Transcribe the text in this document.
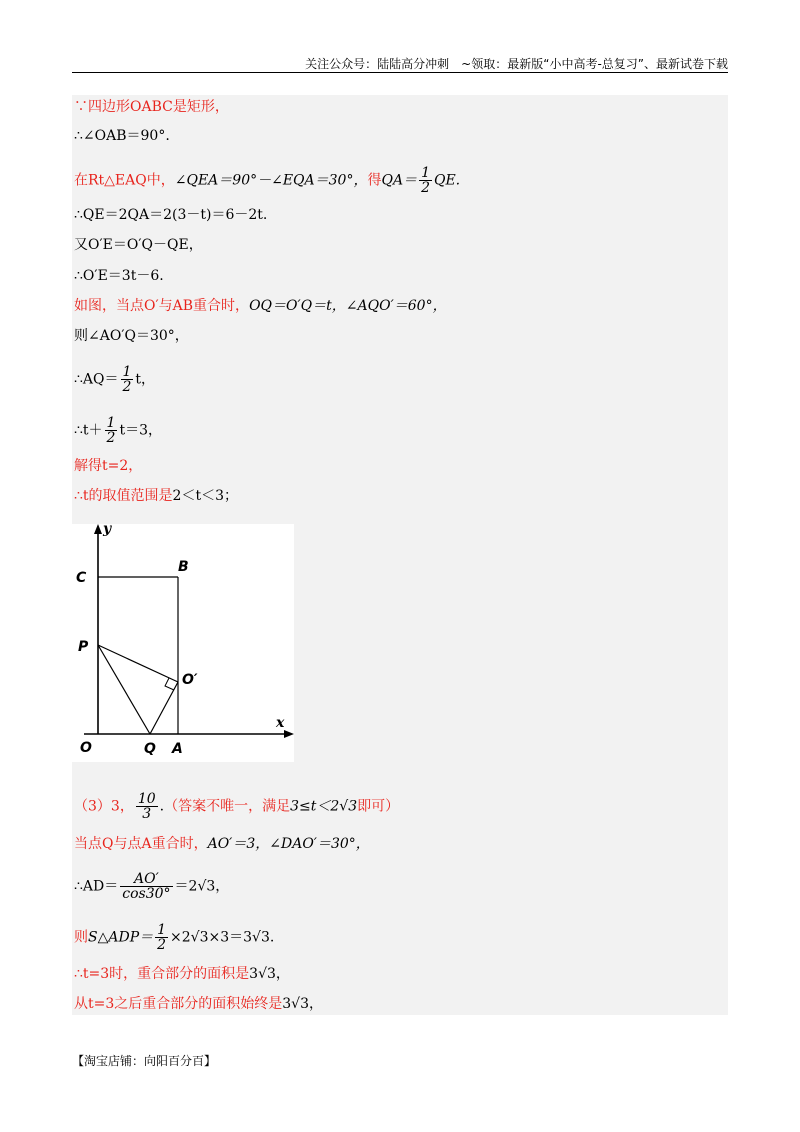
关注公众号：陆陆高分冲刺　~领取：最新版“小中高考-总复习”、最新试卷下载
∵四边形OABC是矩形，
∴∠OAB＝90°.
在Rt△EAQ中，∠QEA＝90°－∠EQA＝30°，得$QA= \frac{1}{2}$ QE.
∴QE＝2QA＝2(3－t)＝6－2t.
又O′E＝O′Q－QE，
∴O′E＝3t－6.
如图，当点O′与AB重合时，OQ＝O′Q＝t，∠AQO′＝60°，
则∠AO′Q＝30°，
∴AQ＝ $\frac{1}{2}$ t，
∴t＋ $\frac{1}{2} t=3$，
解得t=2，
∴t的取值范围是2＜t＜3；
y
x
C
B
P
O′
O	Q A
（3）3， $\frac{10}{3}$ .（答案不唯一，满足3≤t＜2√3即可）
当点Q与点A重合时，AO′＝3，∠DAO′＝30°，
∴AD＝ $\frac{AO'}{\cos 30^\circ} =2√3$，
则S△ADP＝ $\frac{1}{2} \times 2√3\times 3=3√3$.
∴t=3时，重合部分的面积是3√3，
从t=3之后重合部分的面积始终是3√3，
【淘宝店铺：向阳百分百】
